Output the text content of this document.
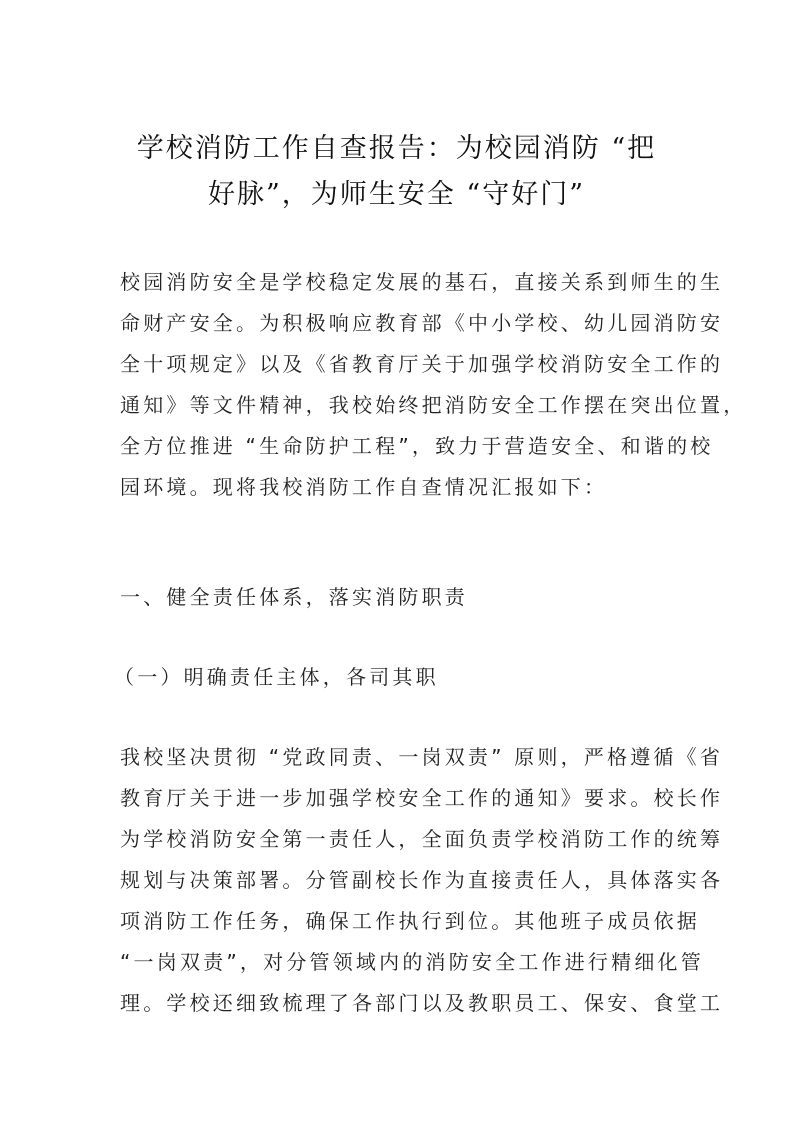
学校消防工作自查报告：为校园消防 “把
好脉”，为师生安全 “守好门”
校园消防安全是学校稳定发展的基石，直接关系到师生的生
命财产安全。为积极响应教育部《中小学校、幼儿园消防安
全十项规定》以及《省教育厅关于加强学校消防安全工作的
通知》等文件精神，我校始终把消防安全工作摆在突出位置，
全方位推进 “生命防护工程”，致力于营造安全、和谐的校
园环境。现将我校消防工作自查情况汇报如下：
一、健全责任体系，落实消防职责
（一）明确责任主体，各司其职
我校坚决贯彻 “党政同责、一岗双责” 原则，严格遵循《省
教育厅关于进一步加强学校安全工作的通知》要求。校长作
为学校消防安全第一责任人，全面负责学校消防工作的统筹
规划与决策部署。分管副校长作为直接责任人，具体落实各
项消防工作任务，确保工作执行到位。其他班子成员依据
“一岗双责”，对分管领域内的消防安全工作进行精细化管
理。学校还细致梳理了各部门以及教职员工、保安、食堂工
